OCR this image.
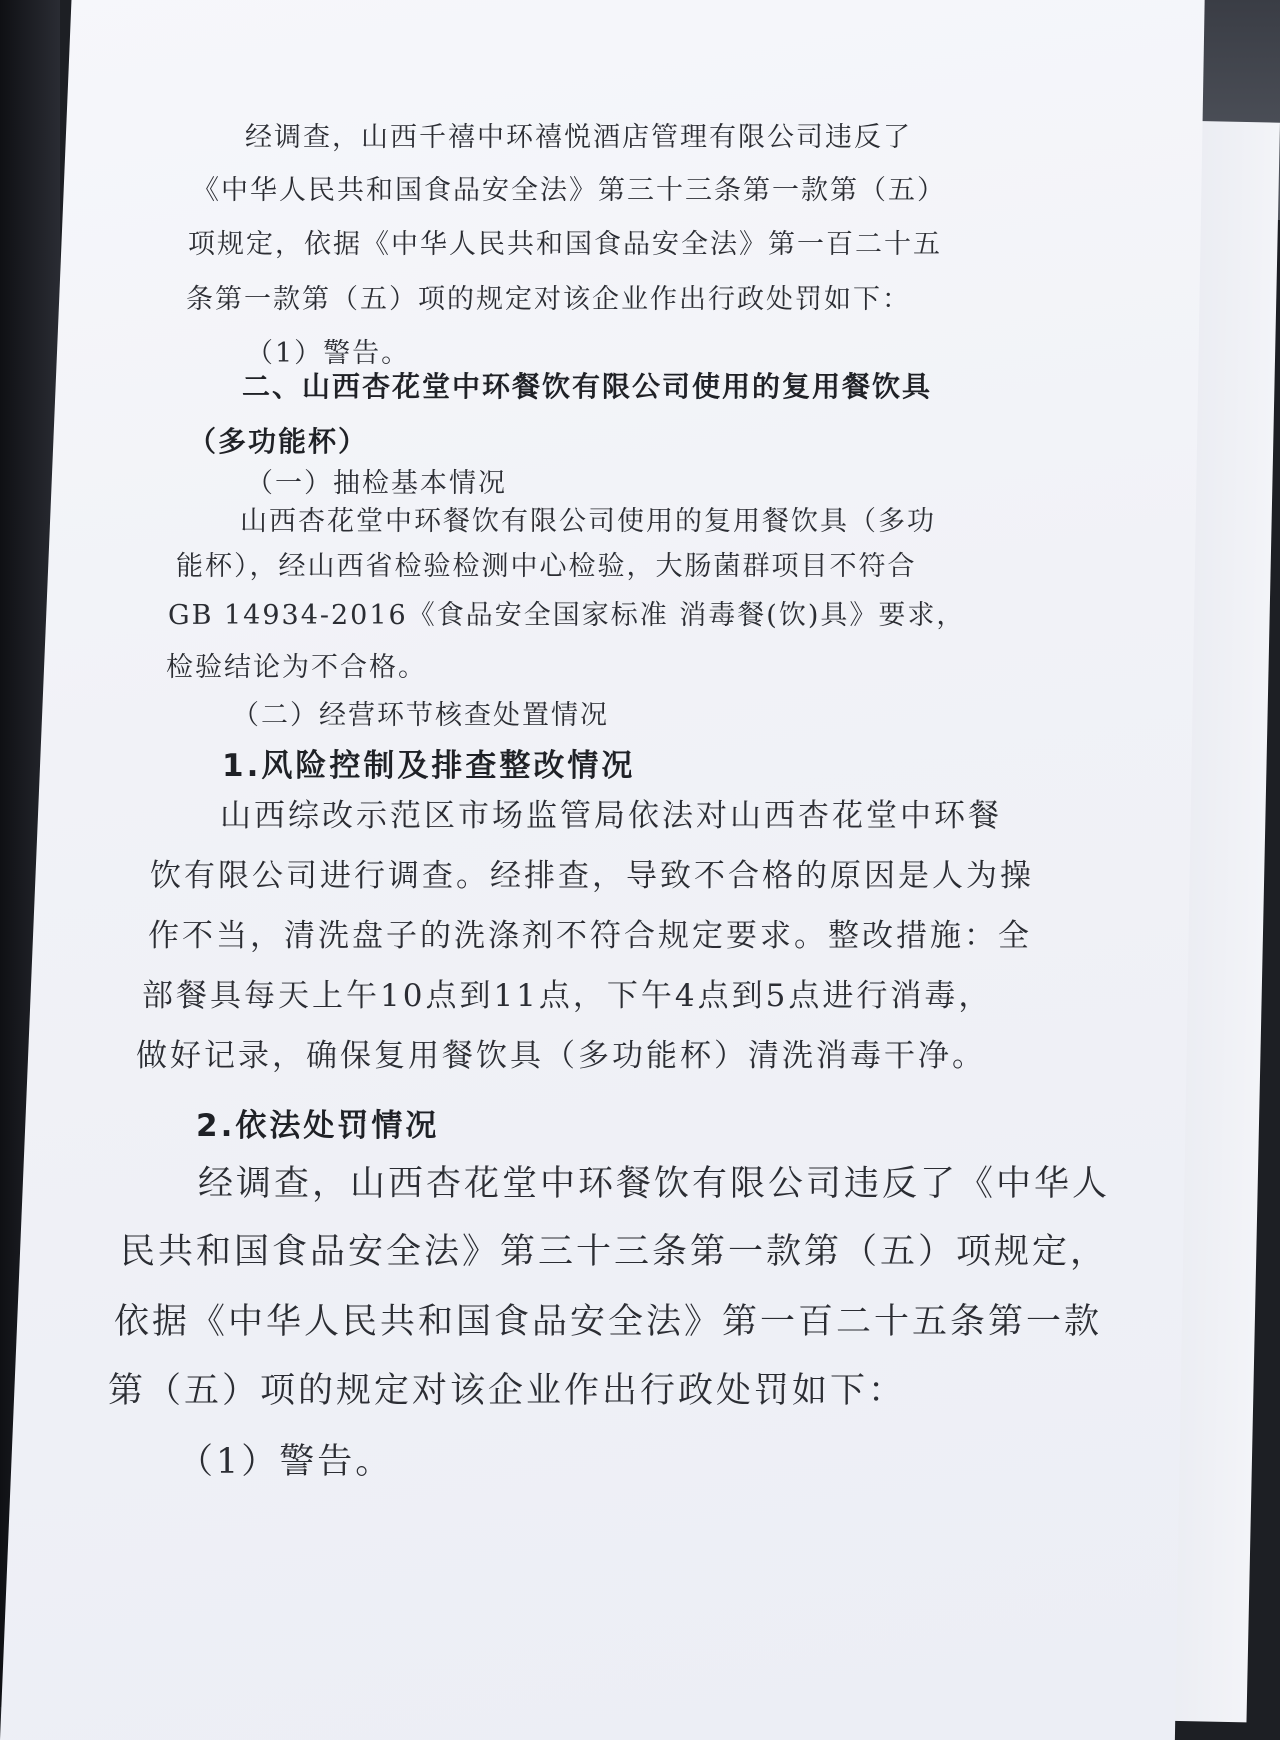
经调查，山西千禧中环禧悦酒店管理有限公司违反了
《中华人民共和国食品安全法》第三十三条第一款第（五）
项规定，依据《中华人民共和国食品安全法》第一百二十五
条第一款第（五）项的规定对该企业作出行政处罚如下：
（1）警告。
二、山西杏花堂中环餐饮有限公司使用的复用餐饮具
（多功能杯）
（一）抽检基本情况
山西杏花堂中环餐饮有限公司使用的复用餐饮具（多功
能杯），经山西省检验检测中心检验，大肠菌群项目不符合
GB 14934-2016《食品安全国家标准 消毒餐(饮)具》要求，
检验结论为不合格。
（二）经营环节核查处置情况
1.风险控制及排查整改情况
山西综改示范区市场监管局依法对山西杏花堂中环餐
饮有限公司进行调查。经排查，导致不合格的原因是人为操
作不当，清洗盘子的洗涤剂不符合规定要求。整改措施：全
部餐具每天上午10点到11点，下午4点到5点进行消毒，
做好记录，确保复用餐饮具（多功能杯）清洗消毒干净。
2.依法处罚情况
经调查，山西杏花堂中环餐饮有限公司违反了《中华人
民共和国食品安全法》第三十三条第一款第（五）项规定，
依据《中华人民共和国食品安全法》第一百二十五条第一款
第（五）项的规定对该企业作出行政处罚如下：
（1）警告。
